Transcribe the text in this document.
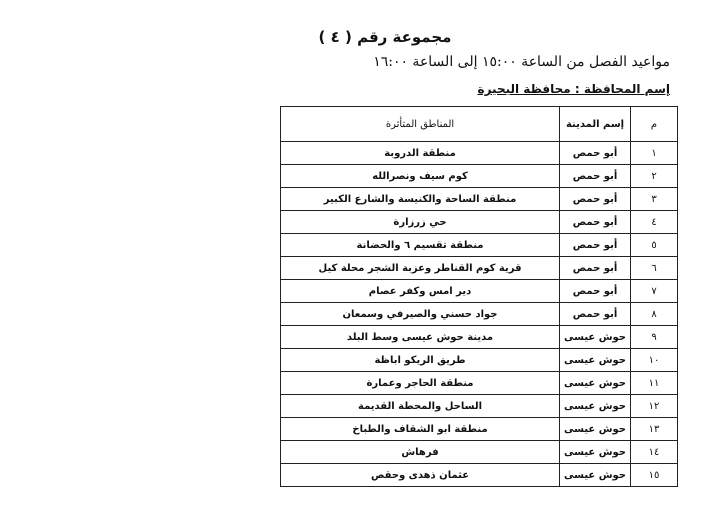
مجموعة رقم ( ٤ )
مواعيد الفصل من الساعة ١٥:٠٠ إلى الساعة ١٦:٠٠
إسم المحافظة : محافظة البحيرة
م	إسم المدينة	المناطق المتأثرة
١	أبو حمص	منطقة الدروبة
٢	أبو حمص	كوم سيف ونصرالله
٣	أبو حمص	منطقة الساحة والكنيسة والشارع الكبير
٤	أبو حمص	حي زرزارة
٥	أبو حمص	منطقة تقسيم ٦ والحضانة
٦	أبو حمص	قرية كوم القناطر وعزبة الشجر محلة كيل
٧	أبو حمص	دير امس وكفر عصام
٨	أبو حمص	جواد حسني والصيرفي وسمعان
٩	حوش عيسى	مدينة حوش عيسى وسط البلد
١٠	حوش عيسى	طريق الريكو اباظة
١١	حوش عيسى	منطقة الحاجر وعمارة
١٢	حوش عيسى	الساحل والمحطة القديمة
١٣	حوش عيسى	منطقة ابو الشقاف والطباخ
١٤	حوش عيسى	فرهاش
١٥	حوش عيسى	عثمان ذهدى وحقص
